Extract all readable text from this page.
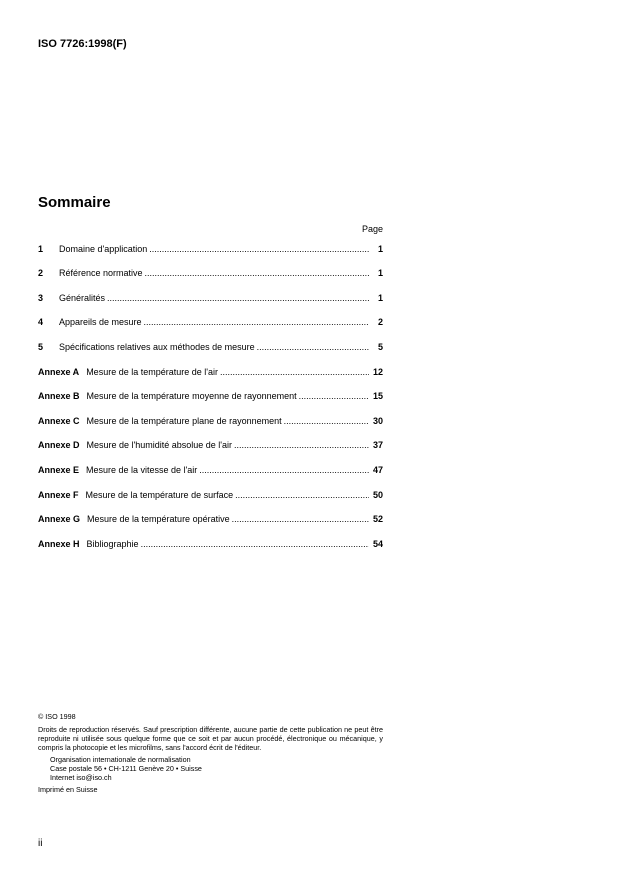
ISO 7726:1998(F)
Sommaire
Page
1	Domaine d'application .....	1
2	Référence normative .....	1
3	Généralités .....	1
4	Appareils de mesure .....	2
5	Spécifications relatives aux méthodes de mesure .....	5
Annexe A Mesure de la température de l'air .....	12
Annexe B Mesure de la température moyenne de rayonnement .....	15
Annexe C Mesure de la température plane de rayonnement .....	30
Annexe D Mesure de l'humidité absolue de l'air .....	37
Annexe E Mesure de la vitesse de l'air .....	47
Annexe F Mesure de la température de surface .....	50
Annexe G Mesure de la température opérative .....	52
Annexe H Bibliographie .....	54
© ISO 1998
Droits de reproduction réservés. Sauf prescription différente, aucune partie de cette publication ne peut être reproduite ni utilisée sous quelque forme que ce soit et par aucun procédé, électronique ou mécanique, y compris la photocopie et les microfilms, sans l'accord écrit de l'éditeur.
Organisation internationale de normalisation
Case postale 56 • CH-1211 Genève 20 • Suisse
Internet iso@iso.ch
Imprimé en Suisse
ii
